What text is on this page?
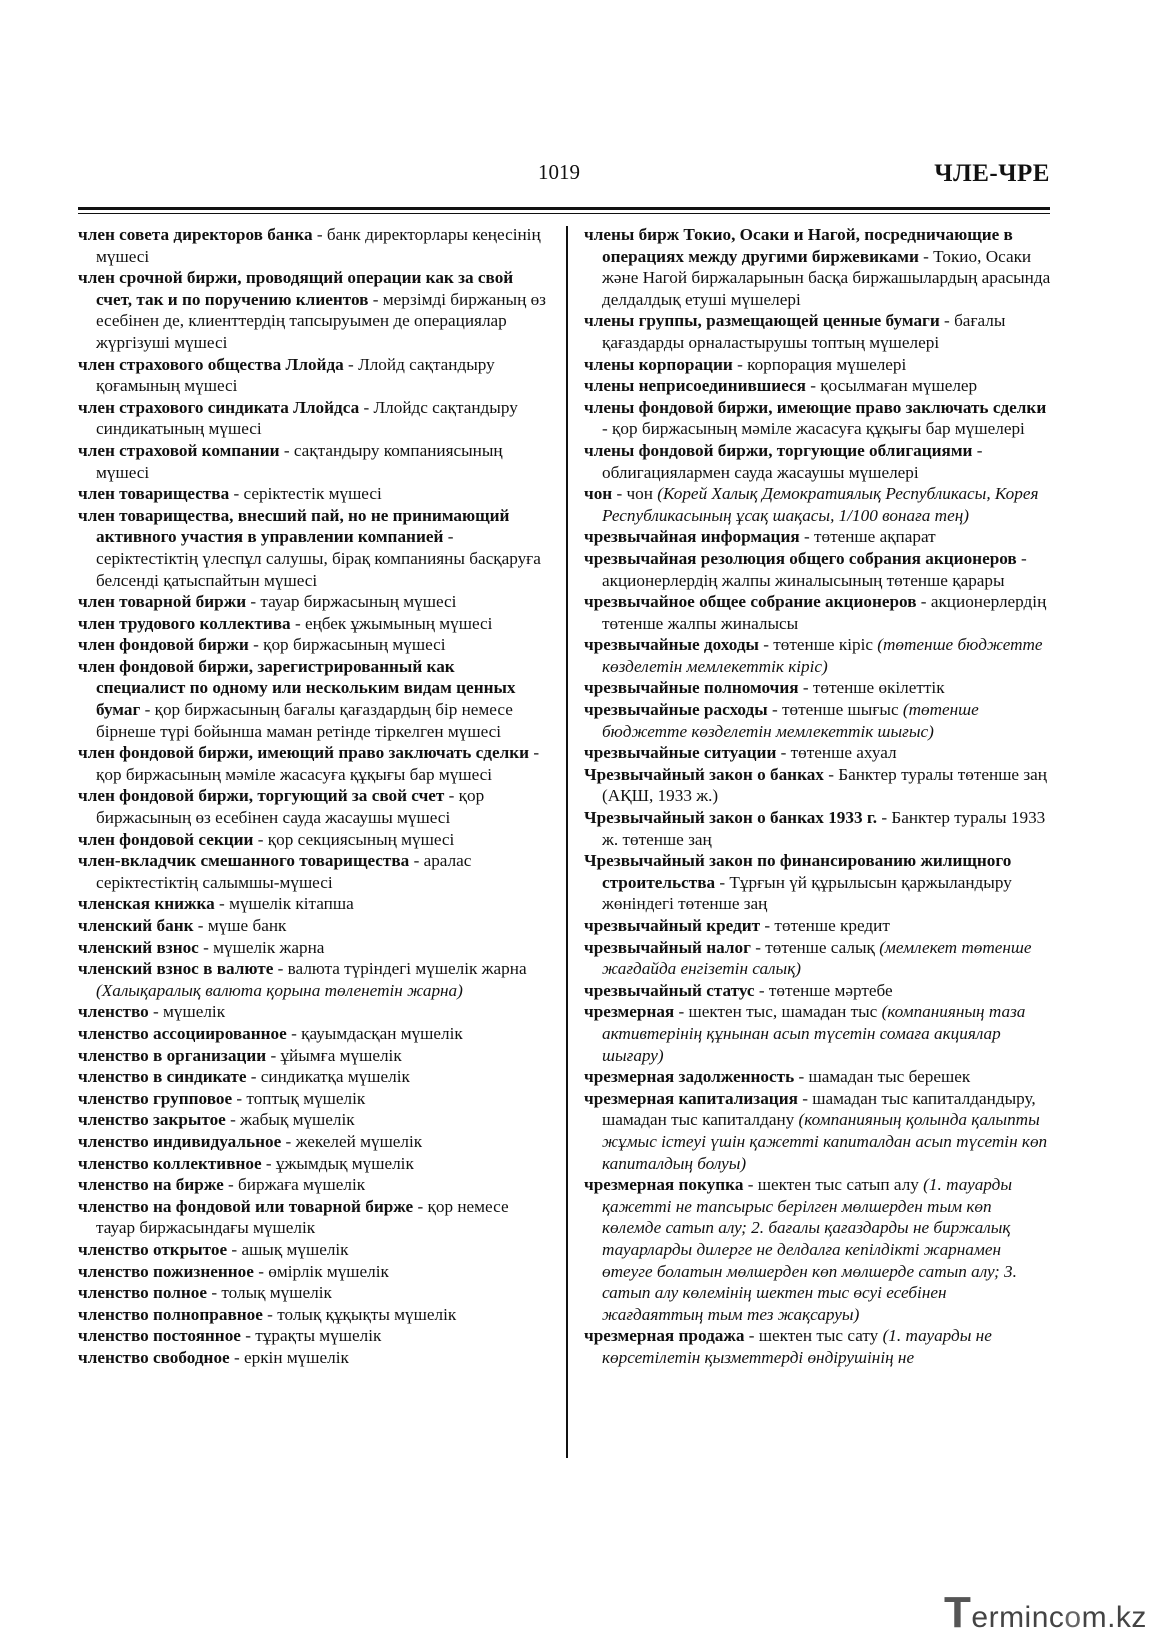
1019	ЧЛЕ-ЧРЕ
член совета директоров банка - банк директорлары кеңесінің мүшесі
член срочной биржи, проводящий операции как за свой счет, так и по поручению клиентов - мерзімді биржаның өз есебінен де, клиенттердің тапсыруымен де операциялар жүргізуші мүшесі
член страхового общества Ллойда - Ллойд сақтандыру қоғамының мүшесі
член страхового синдиката Ллойдса - Ллойдс сақтандыру синдикатының мүшесі
член страховой компании - сақтандыру компаниясының мүшесі
член товарищества - серіктестік мүшесі
член товарищества, внесший пай, но не принимающий активного участия в управлении компанией - серіктестіктің үлеспұл салушы, бірақ компанияны басқаруға белсенді қатыспайтын мүшесі
член товарной биржи - тауар биржасының мүшесі
член трудового коллектива - еңбек ұжымының мүшесі
член фондовой биржи - қор биржасының мүшесі
член фондовой биржи, зарегистрированный как специалист по одному или нескольким видам ценных бумаг - қор биржасының бағалы қағаздардың бір немесе бірнеше түрі бойынша маман ретінде тіркелген мүшесі
член фондовой биржи, имеющий право заключать сделки - қор биржасының мәміле жасасуға құқығы бар мүшесі
член фондовой биржи, торгующий за свой счет - қор биржасының өз есебінен сауда жасаушы мүшесі
член фондовой секции - қор секциясының мүшесі
член-вкладчик смешанного товарищества - аралас серіктестіктің салымшы-мүшесі
членская книжка - мүшелік кітапша
членский банк - мүше банк
членский взнос - мүшелік жарна
членский взнос в валюте - валюта түріндегі мүшелік жарна (Халықаралық валюта қорына төленетін жарна)
членство - мүшелік
членство ассоциированное - қауымдасқан мүшелік
членство в организации - ұйымға мүшелік
членство в синдикате - синдикатқа мүшелік
членство групповое - топтық мүшелік
членство закрытое - жабық мүшелік
членство индивидуальное - жекелей мүшелік
членство коллективное - ұжымдық мүшелік
членство на бирже - биржаға мүшелік
членство на фондовой или товарной бирже - қор немесе тауар биржасындағы мүшелік
членство открытое - ашық мүшелік
членство пожизненное - өмірлік мүшелік
членство полное - толық мүшелік
членство полноправное - толық құқықты мүшелік
членство постоянное - тұрақты мүшелік
членство свободное - еркін мүшелік
члены бирж Токио, Осаки и Нагой, посредничающие в операциях между другими биржевиками - Токио, Осаки және Нагой биржаларынын басқа биржашылардың арасында делдалдық етуші мүшелері
члены группы, размещающей ценные бумаги - бағалы қағаздарды орналастырушы топтың мүшелері
члены корпорации - корпорация мүшелері
члены неприсоединившиеся - қосылмаған мүшелер
члены фондовой биржи, имеющие право заключать сделки - қор биржасының мәміле жасасуға құқығы бар мүшелері
члены фондовой биржи, торгующие облигациями - облигациялармен сауда жасаушы мүшелері
чон - чон (Корей Халық Демократиялық Республикасы, Корея Республикасының ұсақ шақасы, 1/100 вонаға тең)
чрезвычайная информация - төтенше ақпарат
чрезвычайная резолюция общего собрания акционеров - акционерлердің жалпы жиналысының төтенше қарары
чрезвычайное общее собрание акционеров - акционерлердің төтенше жалпы жиналысы
чрезвычайные доходы - төтенше кіріс (төтенше бюджетте көзделетін мемлекеттік кіріс)
чрезвычайные полномочия - төтенше өкілеттік
чрезвычайные расходы - төтенше шығыс (төтенше бюджетте көзделетін мемлекеттік шығыс)
чрезвычайные ситуации - төтенше ахуал
Чрезвычайный закон о банках - Банктер туралы төтенше заң (АҚШ, 1933 ж.)
Чрезвычайный закон о банках 1933 г. - Банктер туралы 1933 ж. төтенше заң
Чрезвычайный закон по финансированию жилищного строительства - Тұрғын үй құрылысын қаржыландыру жөніндегі төтенше заң
чрезвычайный кредит - төтенше кредит
чрезвычайный налог - төтенше салық (мемлекет төтенше жағдайда енгізетін салық)
чрезвычайный статус - төтенше мәртебе
чрезмерная - шектен тыс, шамадан тыс (компанияның таза активтерінің құнынан асып түсетін сомаға акциялар шығару)
чрезмерная задолженность - шамадан тыс берешек
чрезмерная капитализация - шамадан тыс капиталдандыру, шамадан тыс капиталдану (компанияның қолында қалыпты жұмыс істеуі үшін қажетті капиталдан асып түсетін көп капиталдың болуы)
чрезмерная покупка - шектен тыс сатып алу (1. тауарды қажетті не тапсырыс берілген мөлшерден тым көп көлемде сатып алу; 2. бағалы қағаздарды не биржалық тауарларды дилерге не делдалға кепілдікті жарнамен өтеуге болатын мөлшерден көп мөлшерде сатып алу; 3. сатып алу көлемінің шектен тыс өсуі есебінен жағдаяттың тым тез жақсаруы)
чрезмерная продажа - шектен тыс сату (1. тауарды не көрсетілетін қызметтерді өндірушінің не
Termincom.kz
